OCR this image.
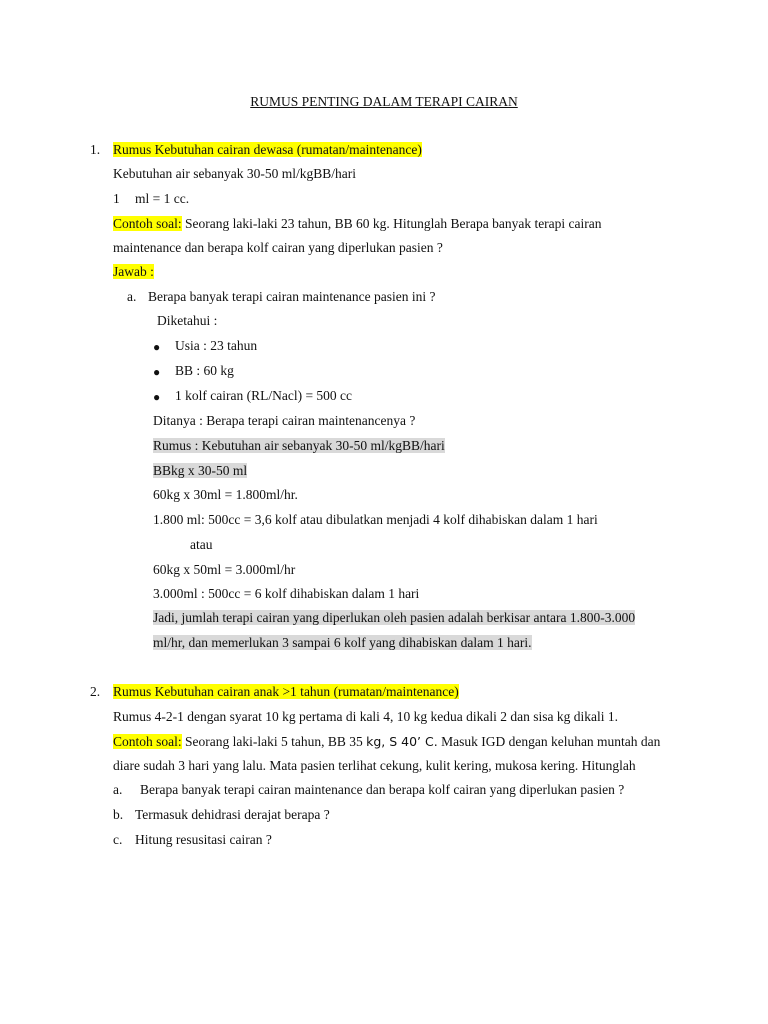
RUMUS PENTING DALAM TERAPI CAIRAN
1. Rumus Kebutuhan cairan dewasa (rumatan/maintenance)
Kebutuhan air sebanyak 30-50 ml/kgBB/hari
1 ml = 1 cc.
Contoh soal: Seorang laki-laki 23 tahun, BB 60 kg. Hitunglah Berapa banyak terapi cairan
maintenance dan berapa kolf cairan yang diperlukan pasien ?
Jawab :
a. Berapa banyak terapi cairan maintenance pasien ini ?
Diketahui :
● Usia : 23 tahun
● BB : 60 kg
● 1 kolf cairan (RL/Nacl) = 500 cc
Ditanya : Berapa terapi cairan maintenancenya ?
Rumus : Kebutuhan air sebanyak 30-50 ml/kgBB/hari
BBkg x 30-50 ml
60kg x 30ml = 1.800ml/hr.
1.800 ml: 500cc = 3,6 kolf atau dibulatkan menjadi 4 kolf dihabiskan dalam 1 hari
atau
60kg x 50ml = 3.000ml/hr
3.000ml : 500cc = 6 kolf dihabiskan dalam 1 hari
Jadi, jumlah terapi cairan yang diperlukan oleh pasien adalah berkisar antara 1.800-3.000
ml/hr, dan memerlukan 3 sampai 6 kolf yang dihabiskan dalam 1 hari.
2. Rumus Kebutuhan cairan anak >1 tahun (rumatan/maintenance)
Rumus 4-2-1 dengan syarat 10 kg pertama di kali 4, 10 kg kedua dikali 2 dan sisa kg dikali 1.
Contoh soal: Seorang laki-laki 5 tahun, BB 35 kg, S 40’ C. Masuk IGD dengan keluhan muntah dan
diare sudah 3 hari yang lalu. Mata pasien terlihat cekung, kulit kering, mukosa kering. Hitunglah
a. Berapa banyak terapi cairan maintenance dan berapa kolf cairan yang diperlukan pasien ?
b. Termasuk dehidrasi derajat berapa ?
c. Hitung resusitasi cairan ?
